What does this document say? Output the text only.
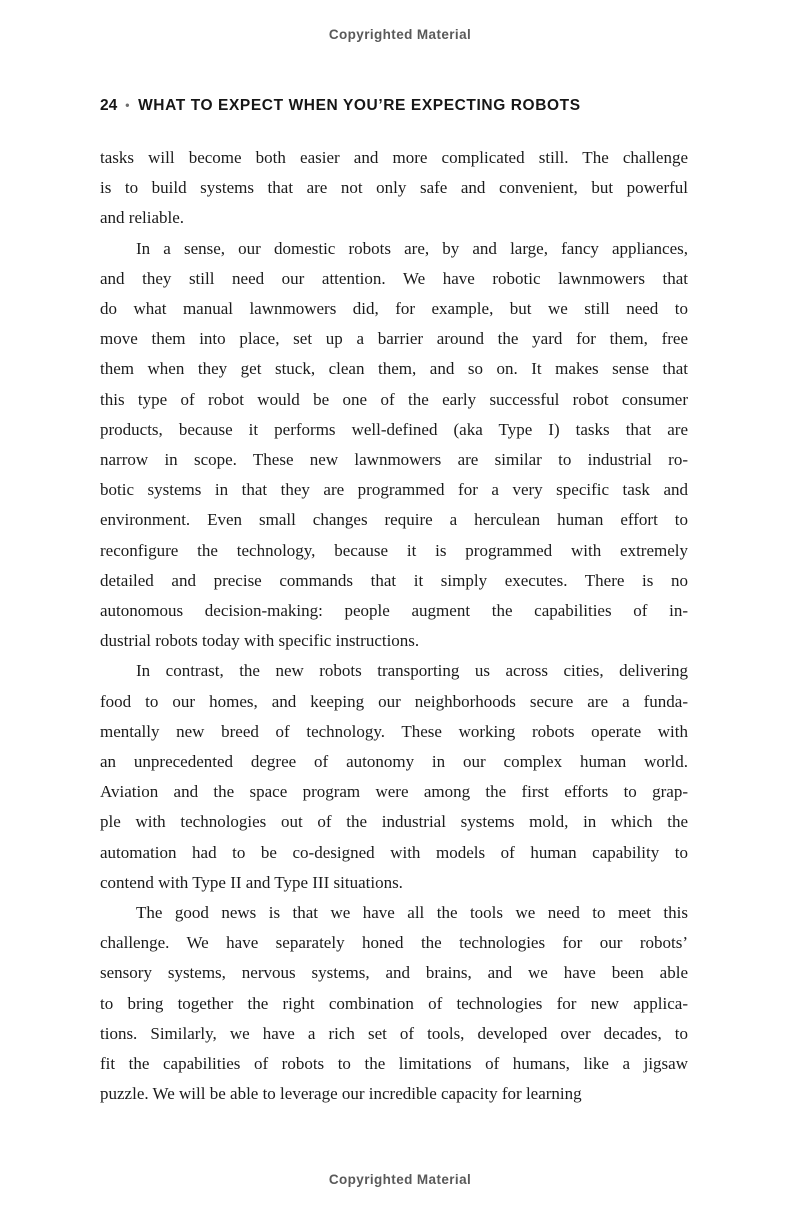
Copyrighted Material
24 • WHAT TO EXPECT WHEN YOU’RE EXPECTING ROBOTS
tasks will become both easier and more complicated still. The challenge
is to build systems that are not only safe and convenient, but powerful
and reliable.
In a sense, our domestic robots are, by and large, fancy appliances,
and they still need our attention. We have robotic lawnmowers that
do what manual lawnmowers did, for example, but we still need to
move them into place, set up a barrier around the yard for them, free
them when they get stuck, clean them, and so on. It makes sense that
this type of robot would be one of the early successful robot consumer
products, because it performs well-defined (aka Type I) tasks that are
narrow in scope. These new lawnmowers are similar to industrial ro-
botic systems in that they are programmed for a very specific task and
environment. Even small changes require a herculean human effort to
reconfigure the technology, because it is programmed with extremely
detailed and precise commands that it simply executes. There is no
autonomous decision-making: people augment the capabilities of in-
dustrial robots today with specific instructions.
In contrast, the new robots transporting us across cities, delivering
food to our homes, and keeping our neighborhoods secure are a funda-
mentally new breed of technology. These working robots operate with
an unprecedented degree of autonomy in our complex human world.
Aviation and the space program were among the first efforts to grap-
ple with technologies out of the industrial systems mold, in which the
automation had to be co-designed with models of human capability to
contend with Type II and Type III situations.
The good news is that we have all the tools we need to meet this
challenge. We have separately honed the technologies for our robots’
sensory systems, nervous systems, and brains, and we have been able
to bring together the right combination of technologies for new applica-
tions. Similarly, we have a rich set of tools, developed over decades, to
fit the capabilities of robots to the limitations of humans, like a jigsaw
puzzle. We will be able to leverage our incredible capacity for learning
Copyrighted Material
